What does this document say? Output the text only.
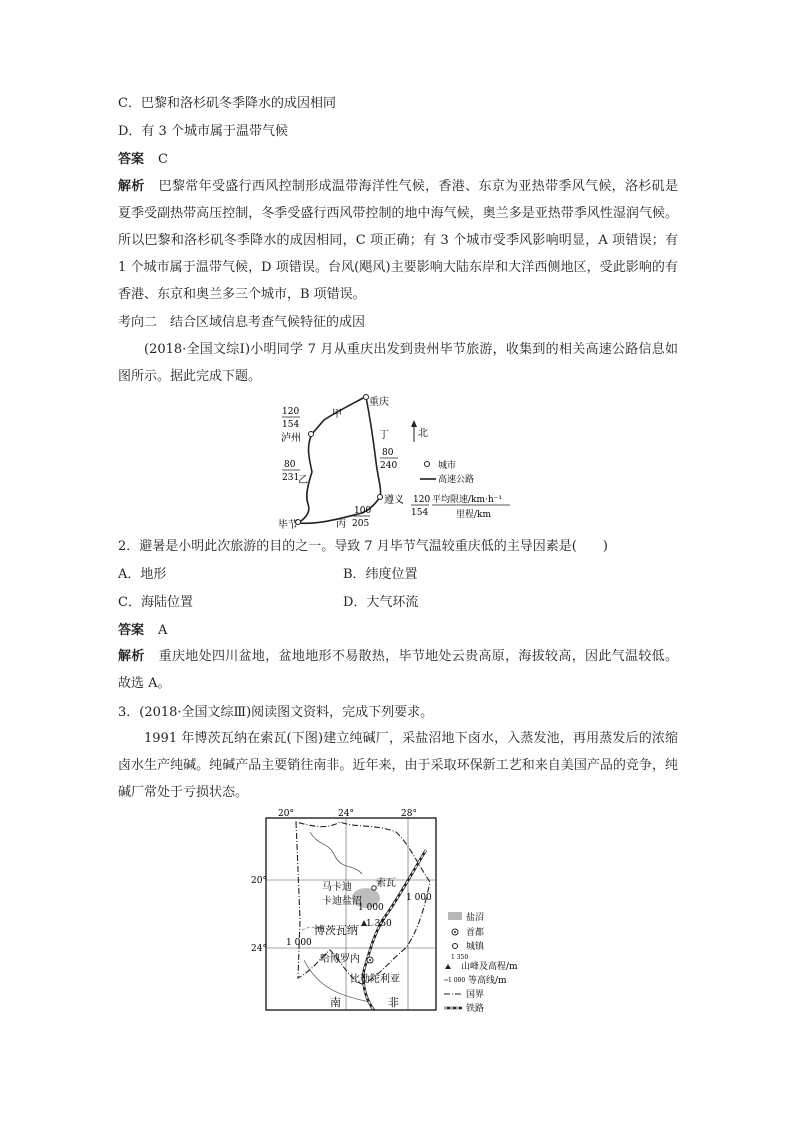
C．巴黎和洛杉矶冬季降水的成因相同
D．有 3 个城市属于温带气候
答案 C
解析 巴黎常年受盛行西风控制形成温带海洋性气候，香港、东京为亚热带季风气候，洛杉矶是夏季受副热带高压控制，冬季受盛行西风带控制的地中海气候，奥兰多是亚热带季风性湿润气候。所以巴黎和洛杉矶冬季降水的成因相同，C 项正确；有 3 个城市受季风影响明显，A 项错误；有 1 个城市属于温带气候，D 项错误。台风(飓风)主要影响大陆东岸和大洋西侧地区，受此影响的有香港、东京和奥兰多三个城市，B 项错误。
考向二　结合区域信息考查气候特征的成因
(2018·全国文综Ⅰ)小明同学 7 月从重庆出发到贵州毕节旅游，收集到的相关高速公路信息如图所示。据此完成下题。
重庆
泸州
遵义
毕节
甲
乙
丙
丁
120
154
80
231
80
240
100
205
北
城市
高速公路
120
154
平均限速/km·h⁻¹
里程/km
2．避暑是小明此次旅游的目的之一。导致 7 月毕节气温较重庆低的主导因素是(　　)
A．地形	B．纬度位置
C．海陆位置	D．大气环流
答案 A
解析 重庆地处四川盆地，盆地地形不易散热，毕节地处云贵高原，海拔较高，因此气温较低。故选 A。
3．(2018·全国文综Ⅲ)阅读图文资料，完成下列要求。
1991 年博茨瓦纳在索瓦(下图)建立纯碱厂，采盐沼地下卤水，入蒸发池，再用蒸发后的浓缩卤水生产纯碱。纯碱产品主要销往南非。近年来，由于采取环保新工艺和来自美国产品的竞争，纯碱厂常处于亏损状态。
20°	24°	28°
20°
24°
索瓦
马卡迪
卡迪盐沼
博茨瓦纳
哈博罗内
比勒陀利亚
南	非
1 000
1 000
1 000
1 350
盐沼
首都
城镇
1 350
山峰及高程/m
1 000 等高线/m
国界
铁路
